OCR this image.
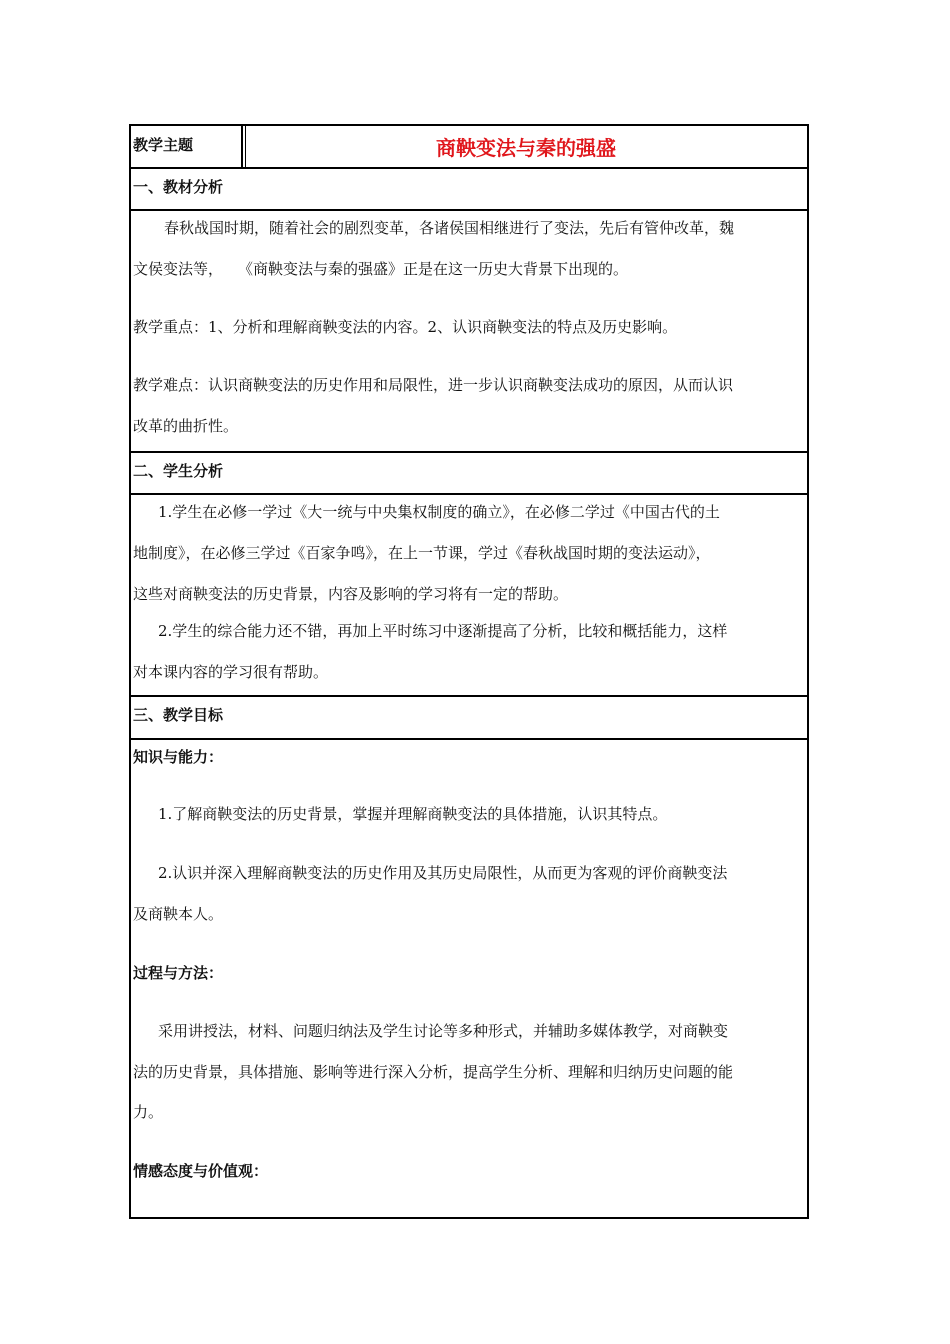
教学主题	商鞅变法与秦的强盛
一、教材分析
春秋战国时期，随着社会的剧烈变革，各诸侯国相继进行了变法，先后有管仲改革，魏
文侯变法等，　　《商鞅变法与秦的强盛》正是在这一历史大背景下出现的。
教学重点：1、分析和理解商鞅变法的内容。2、认识商鞅变法的特点及历史影响。
教学难点：认识商鞅变法的历史作用和局限性，进一步认识商鞅变法成功的原因，从而认识
改革的曲折性。
二、学生分析
1.学生在必修一学过《大一统与中央集权制度的确立》，在必修二学过《中国古代的土
地制度》，在必修三学过《百家争鸣》，在上一节课，学过《春秋战国时期的变法运动》，
这些对商鞅变法的历史背景，内容及影响的学习将有一定的帮助。
2.学生的综合能力还不错，再加上平时练习中逐渐提高了分析，比较和概括能力，这样
对本课内容的学习很有帮助。
三、教学目标
知识与能力：
1.了解商鞅变法的历史背景，掌握并理解商鞅变法的具体措施，认识其特点。
2.认识并深入理解商鞅变法的历史作用及其历史局限性，从而更为客观的评价商鞅变法
及商鞅本人。
过程与方法：
采用讲授法，材料、问题归纳法及学生讨论等多种形式，并辅助多媒体教学，对商鞅变
法的历史背景，具体措施、影响等进行深入分析，提高学生分析、理解和归纳历史问题的能
力。
情感态度与价值观：
